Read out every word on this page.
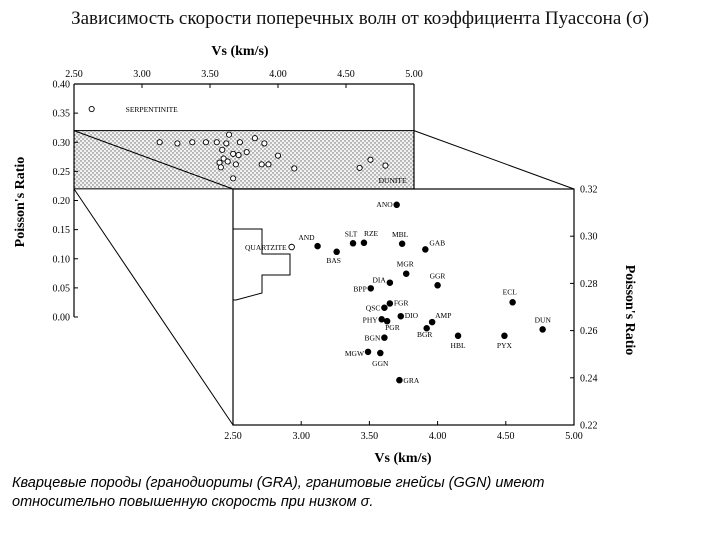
Зависимость скорости поперечных волн от коэффициента Пуассона (σ)
2.50	3.00	3.50	4.00	4.50	5.00
0.00
0.05
0.10
0.15
0.20
0.25
0.30
0.35
0.40
SERPENTINITE
DUNITE
2.50	3.00	3.50	4.00	4.50	5.00
0.22
0.24
0.26
0.28
0.30
0.32
QUARTZITE
ANO
AND	SLT RZE
BAS
MBL
GAB
MGR
DIA	GGR
BPP	ECL
FGR
QSC
DIO
PHY
PGR
AMP	DUN
BGR
HBL
BGN
PYX
MGW
GGN
GRA
Vs (km/s)
Poisson's Ratio
Vs (km/s)
Poisson's Ratio
Кварцевые породы (гранодиориты (GRA), гранитовые гнейсы (GGN) имеют
относительно повышенную скорость при низком σ.
